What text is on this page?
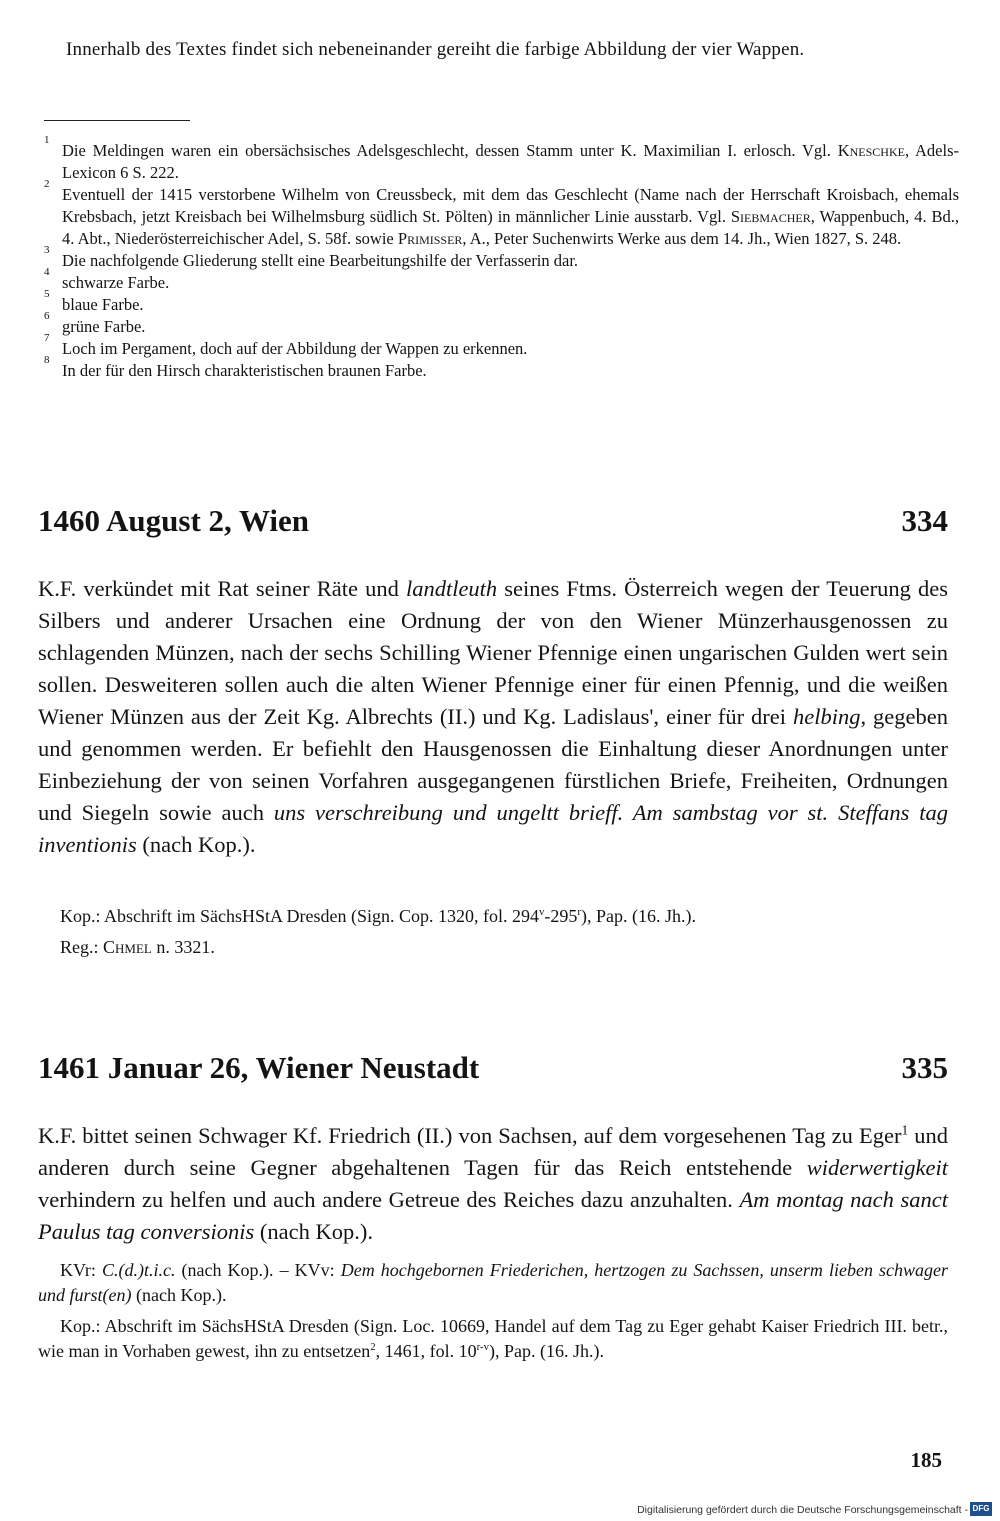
Innerhalb des Textes findet sich nebeneinander gereiht die farbige Abbildung der vier Wappen.
1
Die Meldingen waren ein obersächsisches Adelsgeschlecht, dessen Stamm unter K. Maximilian I. erlosch. Vgl. Kneschke, Adels-Lexicon 6 S. 222.
2
Eventuell der 1415 verstorbene Wilhelm von Creussbeck, mit dem das Geschlecht (Name nach der Herrschaft Kroisbach, ehemals Krebsbach, jetzt Kreisbach bei Wilhelmsburg südlich St. Pölten) in männlicher Linie ausstarb. Vgl. Siebmacher, Wappenbuch, 4. Bd., 4. Abt., Niederösterreichischer Adel, S. 58f. sowie Primisser, A., Peter Suchenwirts Werke aus dem 14. Jh., Wien 1827, S. 248.
3
Die nachfolgende Gliederung stellt eine Bearbeitungshilfe der Verfasserin dar.
4
schwarze Farbe.
5
blaue Farbe.
6
grüne Farbe.
7
Loch im Pergament, doch auf der Abbildung der Wappen zu erkennen.
8
In der für den Hirsch charakteristischen braunen Farbe.
1460 August 2, Wien	334
K.F. verkündet mit Rat seiner Räte und landtleuth seines Ftms. Österreich wegen der Teuerung des Silbers und anderer Ursachen eine Ordnung der von den Wiener Münzerhausgenossen zu schlagenden Münzen, nach der sechs Schilling Wiener Pfennige einen ungarischen Gulden wert sein sollen. Desweiteren sollen auch die alten Wiener Pfennige einer für einen Pfennig, und die weißen Wiener Münzen aus der Zeit Kg. Albrechts (II.) und Kg. Ladislaus', einer für drei helbing, gegeben und genommen werden. Er befiehlt den Hausgenossen die Einhaltung dieser Anordnungen unter Einbeziehung der von seinen Vorfahren ausgegangenen fürstlichen Briefe, Freiheiten, Ordnungen und Siegeln sowie auch uns verschreibung und ungeltt brieff. Am sambstag vor st. Steffans tag inventionis (nach Kop.).

Kop.: Abschrift im SächsHStA Dresden (Sign. Cop. 1320, fol. 294$^v$-295$^r$), Pap. (16. Jh.).

Reg.: Chmel n. 3321.

1461 Januar 26, Wiener Neustadt	335
K.F. bittet seinen Schwager Kf. Friedrich (II.) von Sachsen, auf dem vorgesehenen Tag zu Eger$^1$ und anderen durch seine Gegner abgehaltenen Tagen für das Reich entstehende widerwertigkeit verhindern zu helfen und auch andere Getreue des Reiches dazu anzuhalten. Am montag nach sanct Paulus tag conversionis (nach Kop.).

KVr: C.(d.)t.i.c. (nach Kop.). – KVv: Dem hochgebornen Friederichen, hertzogen zu Sachssen, unserm lieben schwager und furst(en) (nach Kop.).

Kop.: Abschrift im SächsHStA Dresden (Sign. Loc. 10669, Handel auf dem Tag zu Eger gehabt Kaiser Friedrich III. betr., wie man in Vorhaben gewest, ihn zu entsetzen$^2$, 1461, fol. 10$^{r-v}$), Pap. (16. Jh.).

185
Digitalisierung gefördert durch die Deutsche Forschungsgemeinschaft - DFG
